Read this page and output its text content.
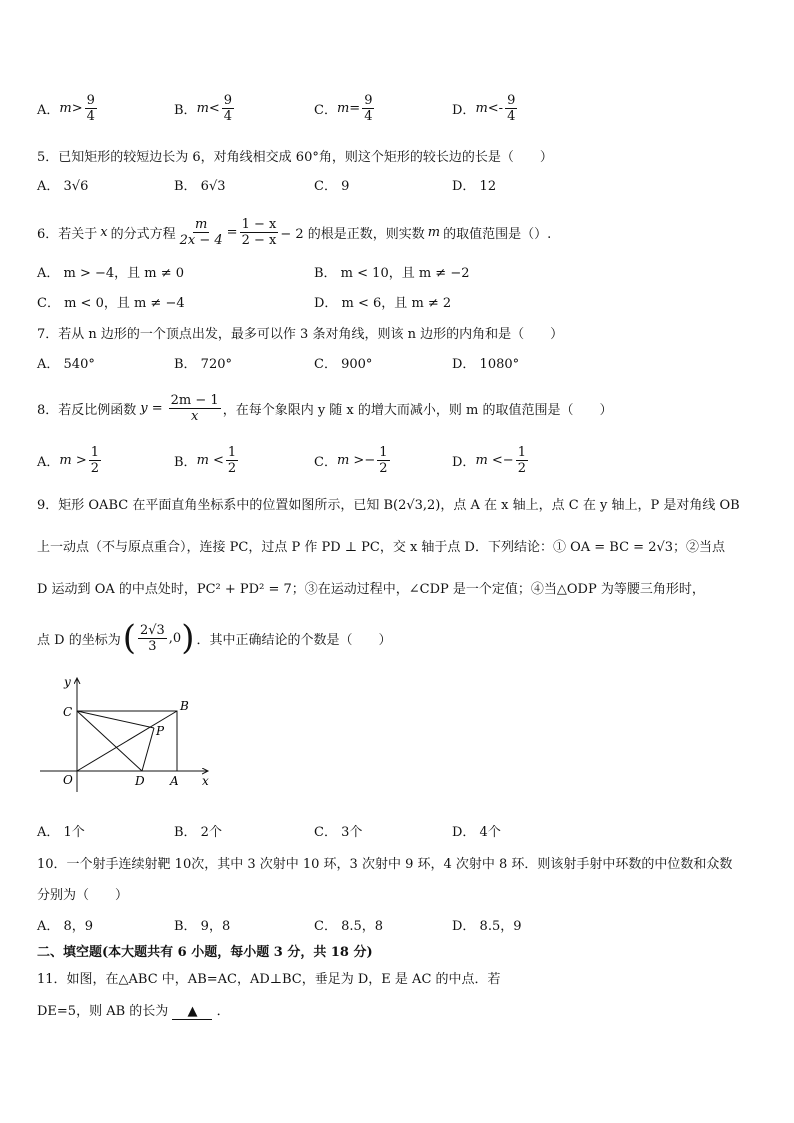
A． $m > \frac{9}{4}$	B． $m < \frac{9}{4}$	C． $m = \frac{9}{4}$	D． m < - $\frac{9}{4}$
5．已知矩形的较短边长为 6，对角线相交成 60°角，则这个矩形的较长边的长是（　　）
A． 3√6	B． 6√3	C． 9	D． 12
6．若关于 x 的分式方程 $\frac{m}{2x - 4} = \frac{1 - x}{2 - x} - 2$ 的根是正数，则实数 m 的取值范围是（）.
A． m > −4，且 m ≠ 0	B． m < 10，且 m ≠ −2
C． m < 0，且 m ≠ −4	D． m < 6，且 m ≠ 2
7．若从 n 边形的一个顶点出发，最多可以作 3 条对角线，则该 n 边形的内角和是（　　）
A． 540°	B． 720°	C． 900°	D． 1080°
8．若反比例函数 $y = \frac{2m - 1}{x}$ ，在每个象限内 y 随 x 的增大而减小，则 m 的取值范围是（　　）
A． $m > \frac{1}{2}$	B． $m < \frac{1}{2}$	C． m > − $\frac{1}{2}$	D． m < − $\frac{1}{2}$
9．矩形 OABC 在平面直角坐标系中的位置如图所示，已知 B(2√3,2)，点 A 在 x 轴上，点 C 在 y 轴上，P 是对角线 OB
上一动点（不与原点重合），连接 PC，过点 P 作 PD ⊥ PC，交 x 轴于点 D．下列结论：① OA = BC = 2√3；②当点
D 运动到 OA 的中点处时，PC² + PD² = 7；③在运动过程中，∠CDP 是一个定值；④当△ODP 为等腰三角形时，
点 D 的坐标为 ( $\frac{2√3}{3} ,0$ ) ．其中正确结论的个数是（　　）
y
C	B
P
O	D A x
A． 1个	B． 2个	C． 3个	D． 4个
10．一个射手连续射靶 10次，其中 3 次射中 10 环，3 次射中 9 环，4 次射中 8 环．则该射手射中环数的中位数和众数
分别为（　　）
A． 8，9	B． 9，8	C． 8.5，8	D． 8.5，9
二、填空题(本大题共有 6 小题，每小题 3 分，共 18 分)
11．如图，在△ABC 中，AB=AC，AD⊥BC，垂足为 D，E 是 AC 的中点．若
DE=5，则 AB 的长为 ▲ ．
